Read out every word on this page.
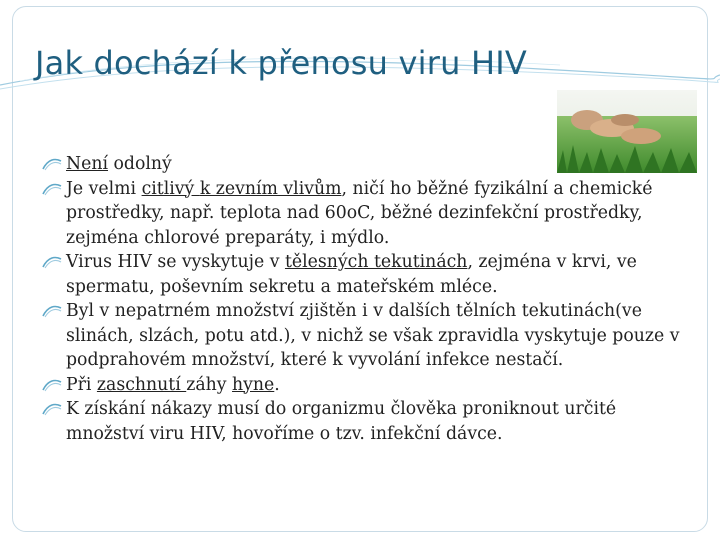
Jak dochází k přenosu viru HIV

Není odolný

Je velmi citlivý k zevním vlivům, ničí ho běžné fyzikální a chemické prostředky, např. teplota nad 60oC, běžné dezinfekční prostředky, zejména chlorové preparáty, i mýdlo.

Virus HIV se vyskytuje v tělesných tekutinách, zejména v krvi, ve spermatu, poševním sekretu a mateřském mléce.

Byl v nepatrném množství zjištěn i v dalších tělních tekutinách(ve slinách, slzách, potu atd.), v nichž se však zpravidla vyskytuje pouze v podprahovém množství, které k vyvolání infekce nestačí.

Při zaschnutí záhy hyne.

K získání nákazy musí do organizmu člověka proniknout určité množství viru HIV, hovoříme o tzv. infekční dávce.
